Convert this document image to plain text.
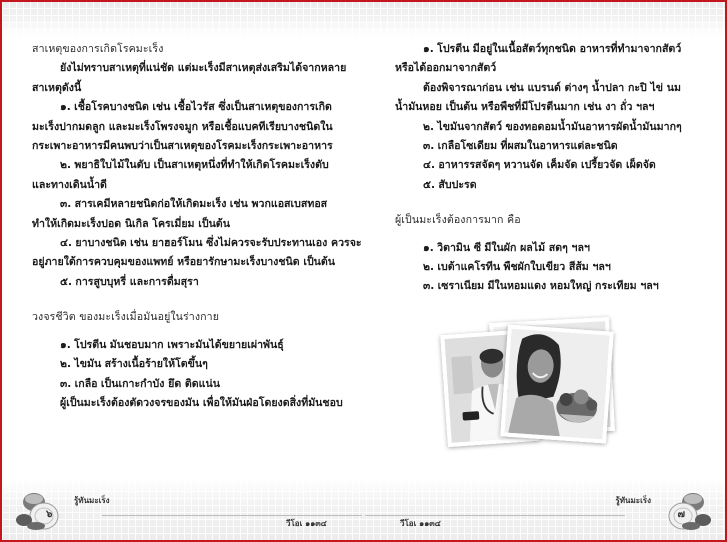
สาเหตุของการเกิดโรคมะเร็ง

ยังไม่ทราบสาเหตุที่แน่ชัด แต่มะเร็งมีสาเหตุส่งเสริมได้จากหลาย

สาเหตุดังนี้

๑. เชื้อโรคบางชนิด เช่น เชื้อไวรัส ซึ่งเป็นสาเหตุของการเกิด

มะเร็งปากมดลูก และมะเร็งโพรงจมูก หรือเชื้อแบคทีเรียบางชนิดใน

กระเพาะอาหารมีคนพบว่าเป็นสาเหตุของโรคมะเร็งกระเพาะอาหาร

๒. พยาธิใบไม้ในตับ เป็นสาเหตุหนึ่งที่ทำให้เกิดโรคมะเร็งตับ

และทางเดินน้ำดี

๓. สารเคมีหลายชนิดก่อให้เกิดมะเร็ง เช่น พวกแอสเบสทอส

ทำให้เกิดมะเร็งปอด นิเกิล โครเมี่ยม เป็นต้น

๔. ยาบางชนิด เช่น ยาฮอร์โมน ซึ่งไม่ควรจะรับประทานเอง ควรจะ

อยู่ภายใต้การควบคุมของแพทย์ หรือยารักษามะเร็งบางชนิด เป็นต้น

๕. การสูบบุหรี่ และการดื่มสุรา

วงจรชีวิต ของมะเร็งเมื่อมันอยู่ในร่างกาย

๑. โปรตีน มันชอบมาก เพราะมันได้ขยายเผ่าพันธุ์

๒. ไขมัน สร้างเนื้อร้ายให้โตขึ้นๆ

๓. เกลือ เป็นเกาะกำบัง ยึด ติดแน่น

ผู้เป็นมะเร็งต้องตัดวงจรของมัน เพื่อให้มันฝ่อโดยงดสิ่งที่มันชอบ

๑. โปรตีน มีอยู่ในเนื้อสัตว์ทุกชนิด อาหารที่ทำมาจากสัตว์

หรือได้ออกมาจากสัตว์

ต้องพิจารณาก่อน เช่น แบรนด์ ต่างๆ น้ำปลา กะปิ ไข่ นม

น้ำมันหอย เป็นต้น หรือพืชที่มีโปรตีนมาก เช่น งา ถั่ว ฯลฯ

๒. ไขมันจากสัตว์ ของทอดอมน้ำมันอาหารผัดน้ำมันมากๆ

๓. เกลือโซเดียม ที่ผสมในอาหารแต่ละชนิด

๔. อาหารรสจัดๆ หวานจัด เค็มจัด เปรี้ยวจัด เผ็ดจัด

๕. สับปะรด

ผู้เป็นมะเร็งต้องการมาก คือ

๑. วิตามิน ซี มีในผัก ผลไม้ สดๆ ฯลฯ

๒. เบต้าแคโรทีน พืชผักใบเขียว สีส้ม ฯลฯ

๓. เซราเนียม มีในหอมแดง หอมใหญ่ กระเทียม ฯลฯ

๖
รู้ทันมะเร็ง
วีโอเ ๑๑๓๔	วีโอเ ๑๑๓๔
รู้ทันมะเร็ง
๗
